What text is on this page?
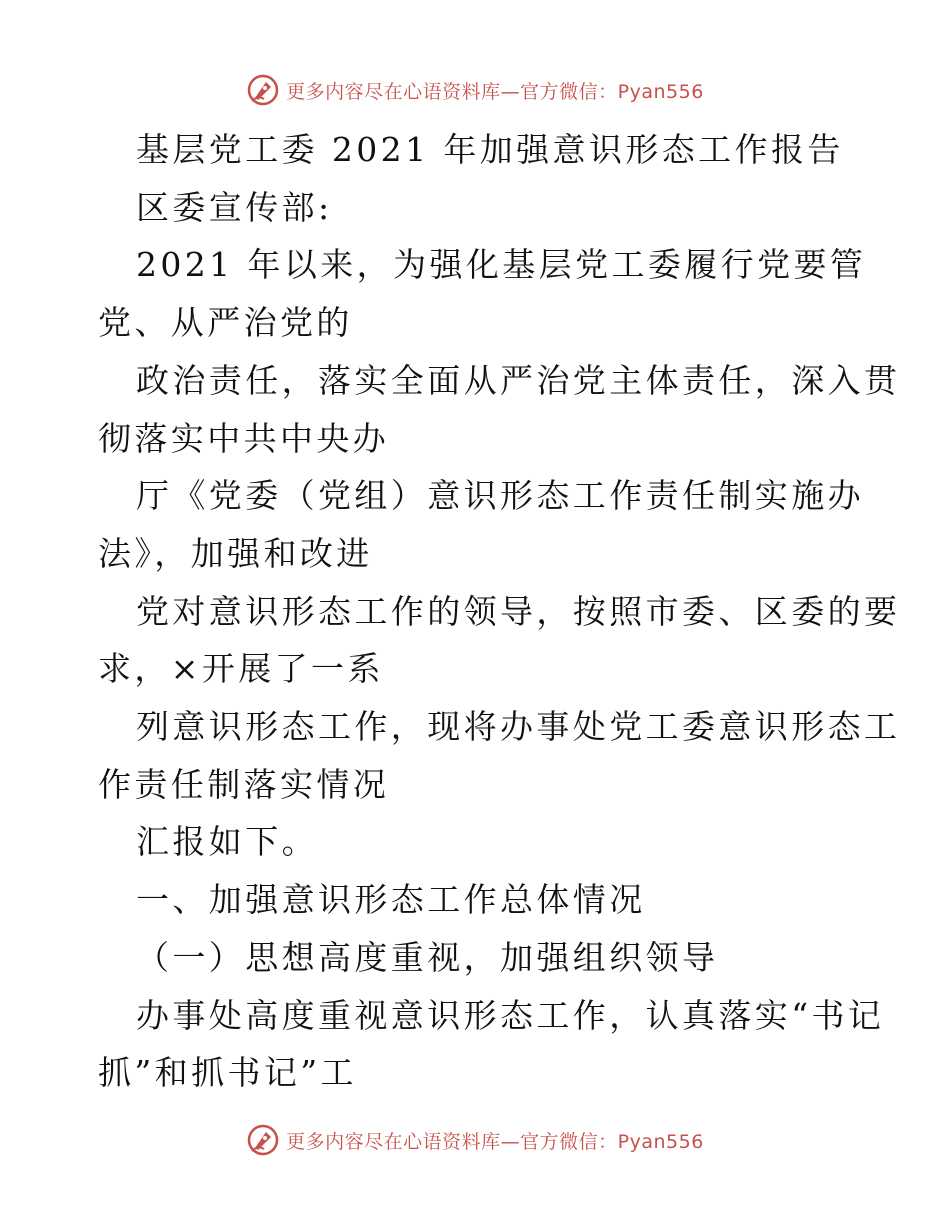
更多内容尽在心语资料库—官方微信：Pyan556

基层党工委 2021 年加强意识形态工作报告

区委宣传部:

2021 年以来，为强化基层党工委履行党要管

党、从严治党的

政治责任，落实全面从严治党主体责任，深入贯

彻落实中共中央办

厅《党委（党组）意识形态工作责任制实施办

法》，加强和改进

党对意识形态工作的领导，按照市委、区委的要

求，×开展了一系

列意识形态工作，现将办事处党工委意识形态工

作责任制落实情况

汇报如下。

一、加强意识形态工作总体情况

（一）思想高度重视，加强组织领导

办事处高度重视意识形态工作，认真落实“书记

抓”和抓书记”工

更多内容尽在心语资料库—官方微信：Pyan556
